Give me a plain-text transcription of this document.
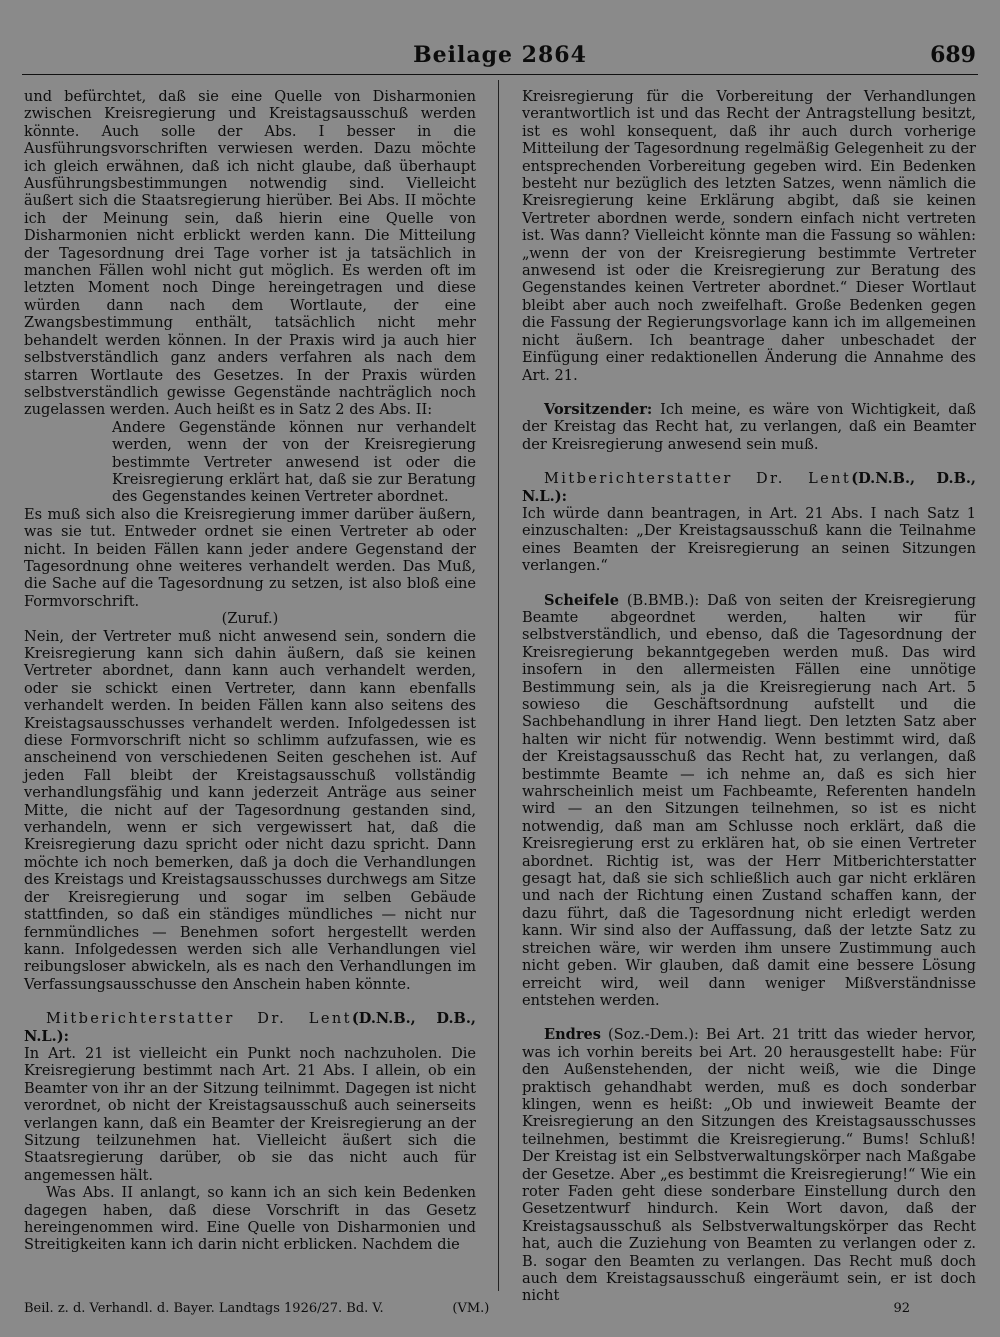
Beilage 2864	689

und befürchtet, daß sie eine Quelle von Disharmonien zwischen Kreisregierung und Kreistagsausschuß werden könnte. Auch solle der Abs. I besser in die Ausführungsvorschriften verwiesen werden. Dazu möchte ich gleich erwähnen, daß ich nicht glaube, daß überhaupt Ausführungsbestimmungen notwendig sind. Vielleicht äußert sich die Staatsregierung hierüber. Bei Abs. II möchte ich der Meinung sein, daß hierin eine Quelle von Disharmonien nicht erblickt werden kann. Die Mitteilung der Tagesordnung drei Tage vorher ist ja tatsächlich in manchen Fällen wohl nicht gut möglich. Es werden oft im letzten Moment noch Dinge hereingetragen und diese würden dann nach dem Wortlaute, der eine Zwangsbestimmung enthält, tatsächlich nicht mehr behandelt werden können. In der Praxis wird ja auch hier selbstverständlich ganz anders verfahren als nach dem starren Wortlaute des Gesetzes. In der Praxis würden selbstverständlich gewisse Gegenstände nachträglich noch zugelassen werden. Auch heißt es in Satz 2 des Abs. II:

Andere Gegenstände können nur verhandelt werden, wenn der von der Kreisregierung bestimmte Vertreter anwesend ist oder die Kreisregierung erklärt hat, daß sie zur Beratung des Gegenstandes keinen Vertreter abordnet.

Es muß sich also die Kreisregierung immer darüber äußern, was sie tut. Entweder ordnet sie einen Vertreter ab oder nicht. In beiden Fällen kann jeder andere Gegenstand der Tagesordnung ohne weiteres verhandelt werden. Das Muß, die Sache auf die Tagesordnung zu setzen, ist also bloß eine Formvorschrift.

(Zuruf.)

Nein, der Vertreter muß nicht anwesend sein, sondern die Kreisregierung kann sich dahin äußern, daß sie keinen Vertreter abordnet, dann kann auch verhandelt werden, oder sie schickt einen Vertreter, dann kann ebenfalls verhandelt werden. In beiden Fällen kann also seitens des Kreistagsausschusses verhandelt werden. Infolgedessen ist diese Formvorschrift nicht so schlimm aufzufassen, wie es anscheinend von verschiedenen Seiten geschehen ist. Auf jeden Fall bleibt der Kreistagsausschuß vollständig verhandlungsfähig und kann jederzeit Anträge aus seiner Mitte, die nicht auf der Tagesordnung gestanden sind, verhandeln, wenn er sich vergewissert hat, daß die Kreisregierung dazu spricht oder nicht dazu spricht. Dann möchte ich noch bemerken, daß ja doch die Verhandlungen des Kreistags und Kreistagsausschusses durchwegs am Sitze der Kreisregierung und sogar im selben Gebäude stattfinden, so daß ein ständiges mündliches — nicht nur fernmündliches — Benehmen sofort hergestellt werden kann. Infolgedessen werden sich alle Verhandlungen viel reibungsloser abwickeln, als es nach den Verhandlungen im Verfassungsausschusse den Anschein haben könnte.

Mitberichterstatter Dr. Lent(D.N.B., D.B., N.L.):

In Art. 21 ist vielleicht ein Punkt noch nachzuholen. Die Kreisregierung bestimmt nach Art. 21 Abs. I allein, ob ein Beamter von ihr an der Sitzung teilnimmt. Dagegen ist nicht verordnet, ob nicht der Kreistagsausschuß auch seinerseits verlangen kann, daß ein Beamter der Kreisregierung an der Sitzung teilzunehmen hat. Vielleicht äußert sich die Staatsregierung darüber, ob sie das nicht auch für angemessen hält.

Was Abs. II anlangt, so kann ich an sich kein Bedenken dagegen haben, daß diese Vorschrift in das Gesetz hereingenommen wird. Eine Quelle von Disharmonien und Streitigkeiten kann ich darin nicht erblicken. Nachdem die

Kreisregierung für die Vorbereitung der Verhandlungen verantwortlich ist und das Recht der Antragstellung besitzt, ist es wohl konsequent, daß ihr auch durch vorherige Mitteilung der Tagesordnung regelmäßig Gelegenheit zu der entsprechenden Vorbereitung gegeben wird. Ein Bedenken besteht nur bezüglich des letzten Satzes, wenn nämlich die Kreisregierung keine Erklärung abgibt, daß sie keinen Vertreter abordnen werde, sondern einfach nicht vertreten ist. Was dann? Vielleicht könnte man die Fassung so wählen: „wenn der von der Kreisregierung bestimmte Vertreter anwesend ist oder die Kreisregierung zur Beratung des Gegenstandes keinen Vertreter abordnet.“ Dieser Wortlaut bleibt aber auch noch zweifelhaft. Große Bedenken gegen die Fassung der Regierungsvorlage kann ich im allgemeinen nicht äußern. Ich beantrage daher unbeschadet der Einfügung einer redaktionellen Änderung die Annahme des Art. 21.

Vorsitzender: Ich meine, es wäre von Wichtigkeit, daß der Kreistag das Recht hat, zu verlangen, daß ein Beamter der Kreisregierung anwesend sein muß.

Mitberichterstatter Dr. Lent(D.N.B., D.B., N.L.):

Ich würde dann beantragen, in Art. 21 Abs. I nach Satz 1 einzuschalten: „Der Kreistagsausschuß kann die Teilnahme eines Beamten der Kreisregierung an seinen Sitzungen verlangen.“

Scheifele (B.BMB.): Daß von seiten der Kreisregierung Beamte abgeordnet werden, halten wir für selbstverständlich, und ebenso, daß die Tagesordnung der Kreisregierung bekanntgegeben werden muß. Das wird insofern in den allermeisten Fällen eine unnötige Bestimmung sein, als ja die Kreisregierung nach Art. 5 sowieso die Geschäftsordnung aufstellt und die Sachbehandlung in ihrer Hand liegt. Den letzten Satz aber halten wir nicht für notwendig. Wenn bestimmt wird, daß der Kreistagsausschuß das Recht hat, zu verlangen, daß bestimmte Beamte — ich nehme an, daß es sich hier wahrscheinlich meist um Fachbeamte, Referenten handeln wird — an den Sitzungen teilnehmen, so ist es nicht notwendig, daß man am Schlusse noch erklärt, daß die Kreisregierung erst zu erklären hat, ob sie einen Vertreter abordnet. Richtig ist, was der Herr Mitberichterstatter gesagt hat, daß sie sich schließlich auch gar nicht erklären und nach der Richtung einen Zustand schaffen kann, der dazu führt, daß die Tagesordnung nicht erledigt werden kann. Wir sind also der Auffassung, daß der letzte Satz zu streichen wäre, wir werden ihm unsere Zustimmung auch nicht geben. Wir glauben, daß damit eine bessere Lösung erreicht wird, weil dann weniger Mißverständnisse entstehen werden.

Endres (Soz.-Dem.): Bei Art. 21 tritt das wieder hervor, was ich vorhin bereits bei Art. 20 herausgestellt habe: Für den Außenstehenden, der nicht weiß, wie die Dinge praktisch gehandhabt werden, muß es doch sonderbar klingen, wenn es heißt: „Ob und inwieweit Beamte der Kreisregierung an den Sitzungen des Kreistagsausschusses teilnehmen, bestimmt die Kreisregierung.“ Bums! Schluß! Der Kreistag ist ein Selbstverwaltungskörper nach Maßgabe der Gesetze. Aber „es bestimmt die Kreisregierung!“ Wie ein roter Faden geht diese sonderbare Einstellung durch den Gesetzentwurf hindurch. Kein Wort davon, daß der Kreistagsausschuß als Selbstverwaltungskörper das Recht hat, auch die Zuziehung von Beamten zu verlangen oder z. B. sogar den Beamten zu verlangen. Das Recht muß doch auch dem Kreistagsausschuß eingeräumt sein, er ist doch nicht

Beil. z. d. Verhandl. d. Bayer. Landtags 1926/27. Bd. V.	(VM.)	92
